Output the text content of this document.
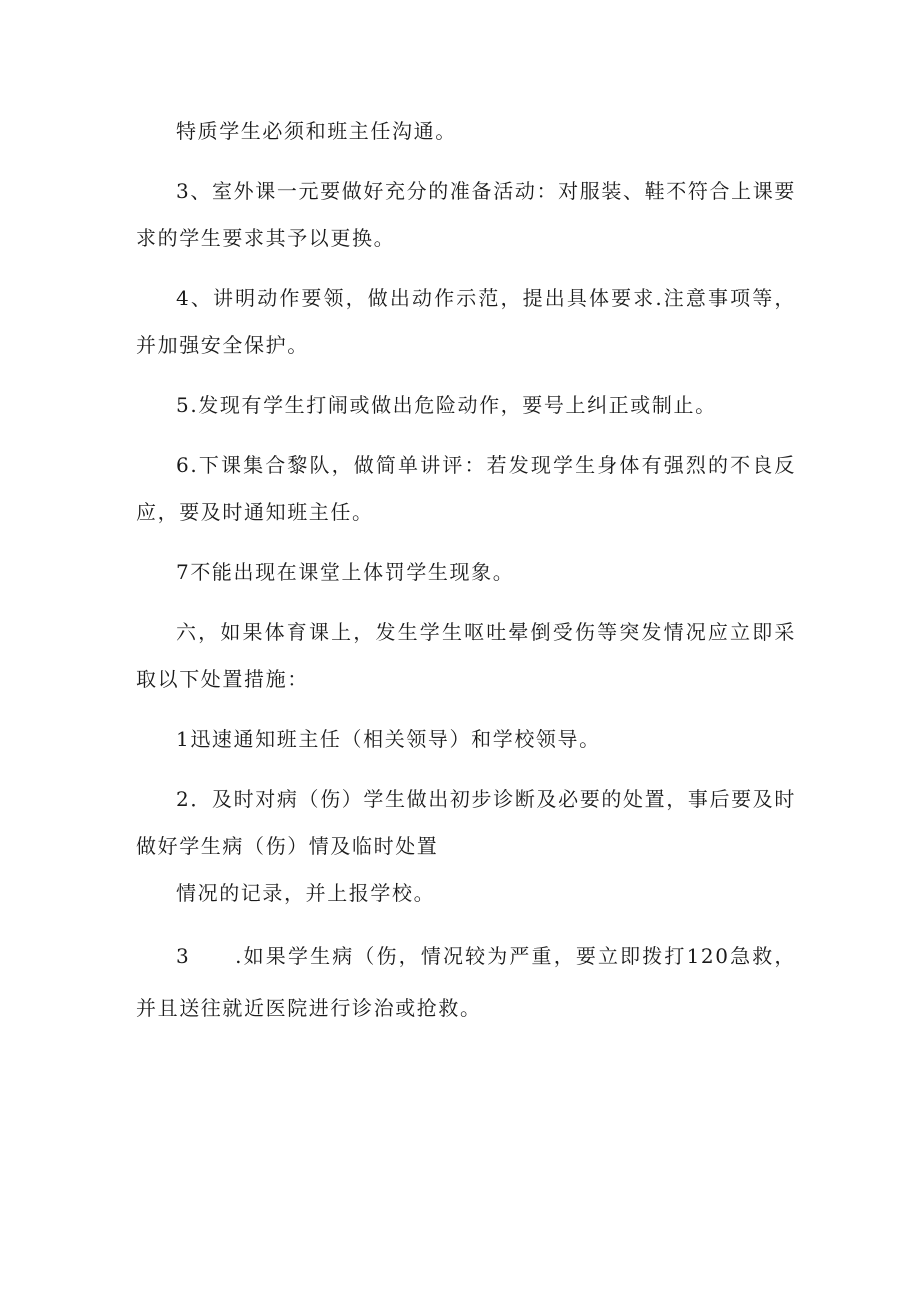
特质学生必须和班主任沟通。

3、室外课一元要做好充分的准备活动：对服装、鞋不符合上课要求的学生要求其予以更换。

4、讲明动作要领，做出动作示范，提出具体要求.注意事项等，并加强安全保护。

5.发现有学生打闹或做出危险动作，要号上纠正或制止。

6.下课集合黎队，做简单讲评：若发现学生身体有强烈的不良反应，要及时通知班主任。

7不能出现在课堂上体罚学生现象。

六，如果体育课上，发生学生呕吐晕倒受伤等突发情况应立即采取以下处置措施：

1迅速通知班主任（相关领导）和学校领导。

2．及时对病（伤）学生做出初步诊断及必要的处置，事后要及时做好学生病（伤）情及临时处置

情况的记录，并上报学校。

3　　.如果学生病（伤，情况较为严重，要立即拨打120急救，并且送往就近医院进行诊治或抢救。
